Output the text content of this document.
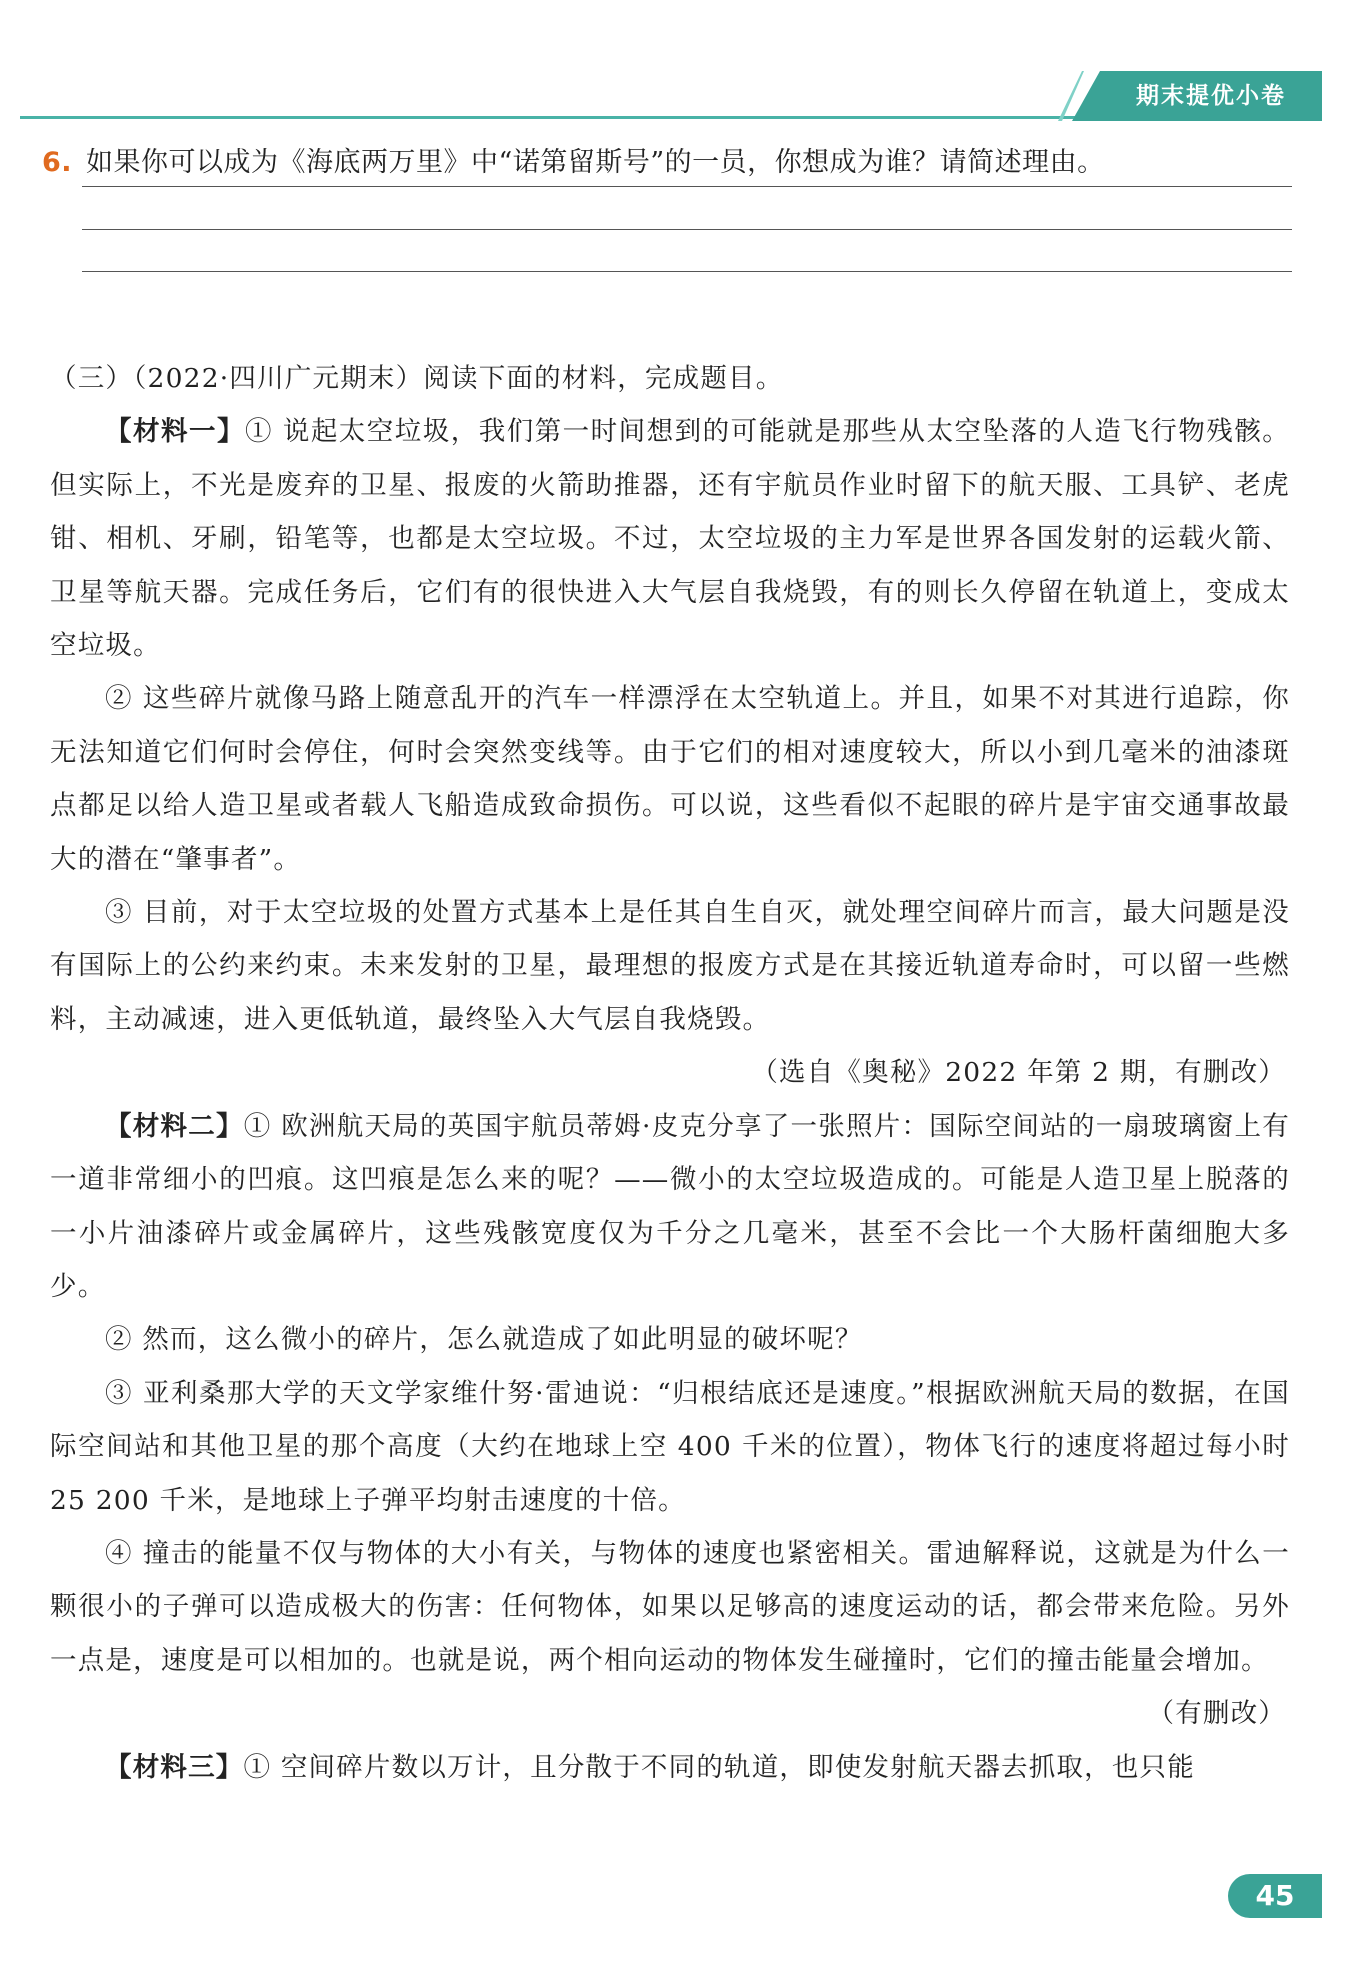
期末提优小卷
6. 如果你可以成为《海底两万里》中“诺第留斯号”的一员，你想成为谁？请简述理由。

（三）（2022·四川广元期末）阅读下面的材料，完成题目。

【材料一】① 说起太空垃圾，我们第一时间想到的可能就是那些从太空坠落的人造飞行物残骸。但实际上，不光是废弃的卫星、报废的火箭助推器，还有宇航员作业时留下的航天服、工具铲、老虎钳、相机、牙刷，铅笔等，也都是太空垃圾。不过，太空垃圾的主力军是世界各国发射的运载火箭、卫星等航天器。完成任务后，它们有的很快进入大气层自我烧毁，有的则长久停留在轨道上，变成太空垃圾。

② 这些碎片就像马路上随意乱开的汽车一样漂浮在太空轨道上。并且，如果不对其进行追踪，你无法知道它们何时会停住，何时会突然变线等。由于它们的相对速度较大，所以小到几毫米的油漆斑点都足以给人造卫星或者载人飞船造成致命损伤。可以说，这些看似不起眼的碎片是宇宙交通事故最大的潜在“肇事者”。

③ 目前，对于太空垃圾的处置方式基本上是任其自生自灭，就处理空间碎片而言，最大问题是没有国际上的公约来约束。未来发射的卫星，最理想的报废方式是在其接近轨道寿命时，可以留一些燃料，主动减速，进入更低轨道，最终坠入大气层自我烧毁。

（选自《奥秘》2022 年第 2 期，有删改）

【材料二】① 欧洲航天局的英国宇航员蒂姆·皮克分享了一张照片：国际空间站的一扇玻璃窗上有一道非常细小的凹痕。这凹痕是怎么来的呢？——微小的太空垃圾造成的。可能是人造卫星上脱落的一小片油漆碎片或金属碎片，这些残骸宽度仅为千分之几毫米，甚至不会比一个大肠杆菌细胞大多少。

② 然而，这么微小的碎片，怎么就造成了如此明显的破坏呢？

③ 亚利桑那大学的天文学家维什努·雷迪说：“归根结底还是速度。”根据欧洲航天局的数据，在国际空间站和其他卫星的那个高度（大约在地球上空 400 千米的位置），物体飞行的速度将超过每小时 25 200 千米，是地球上子弹平均射击速度的十倍。

④ 撞击的能量不仅与物体的大小有关，与物体的速度也紧密相关。雷迪解释说，这就是为什么一颗很小的子弹可以造成极大的伤害：任何物体，如果以足够高的速度运动的话，都会带来危险。另外一点是，速度是可以相加的。也就是说，两个相向运动的物体发生碰撞时，它们的撞击能量会增加。

（有删改）

【材料三】① 空间碎片数以万计，且分散于不同的轨道，即使发射航天器去抓取，也只能

45
